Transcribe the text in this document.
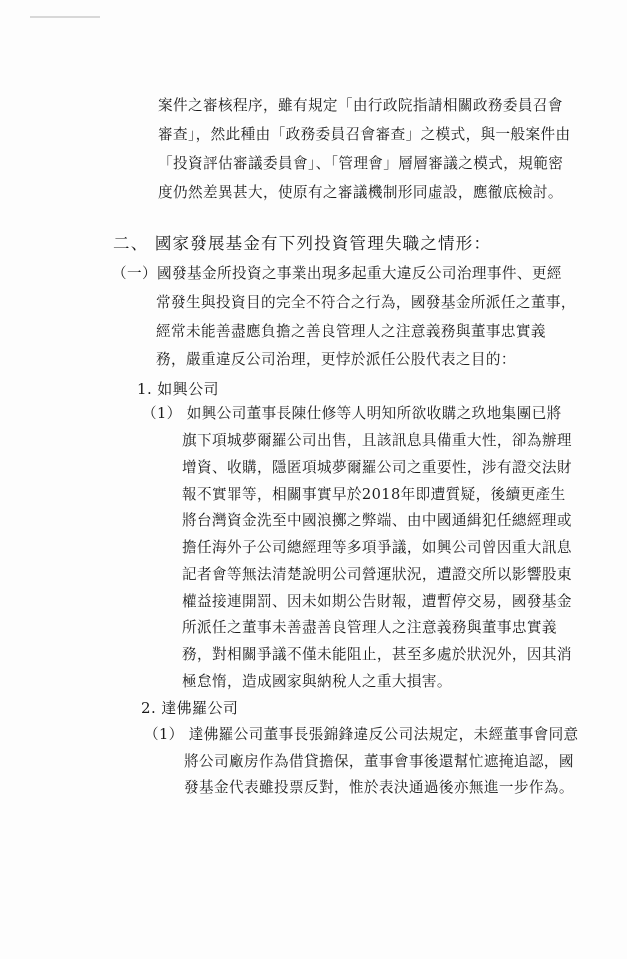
案件之審核程序，雖有規定「由行政院指請相關政務委員召會
審查」，然此種由「政務委員召會審查」之模式，與一般案件由
「投資評估審議委員會」、「管理會」層層審議之模式，規範密
度仍然差異甚大，使原有之審議機制形同虛設，應徹底檢討。
二、 國家發展基金有下列投資管理失職之情形：
（一）國發基金所投資之事業出現多起重大違反公司治理事件、更經
常發生與投資目的完全不符合之行為，國發基金所派任之董事，
經常未能善盡應負擔之善良管理人之注意義務與董事忠實義
務，嚴重違反公司治理，更悖於派任公股代表之目的：
1. 如興公司
（1） 如興公司董事長陳仕修等人明知所欲收購之玖地集團已將
旗下項城夢爾羅公司出售，且該訊息具備重大性，卻為辦理
增資、收購，隱匿項城夢爾羅公司之重要性，涉有證交法財
報不實罪等，相關事實早於2018年即遭質疑，後續更產生
將台灣資金洗至中國浪擲之弊端、由中國通緝犯任總經理或
擔任海外子公司總經理等多項爭議，如興公司曾因重大訊息
記者會等無法清楚說明公司營運狀況，遭證交所以影響股東
權益接連開罰、因未如期公告財報，遭暫停交易，國發基金
所派任之董事未善盡善良管理人之注意義務與董事忠實義
務，對相關爭議不僅未能阻止，甚至多處於狀況外，因其消
極怠惰，造成國家與納稅人之重大損害。
2. 達佛羅公司
（1） 達佛羅公司董事長張錦鋒違反公司法規定，未經董事會同意
將公司廠房作為借貸擔保，董事會事後還幫忙遮掩追認，國
發基金代表雖投票反對，惟於表決通過後亦無進一步作為。
